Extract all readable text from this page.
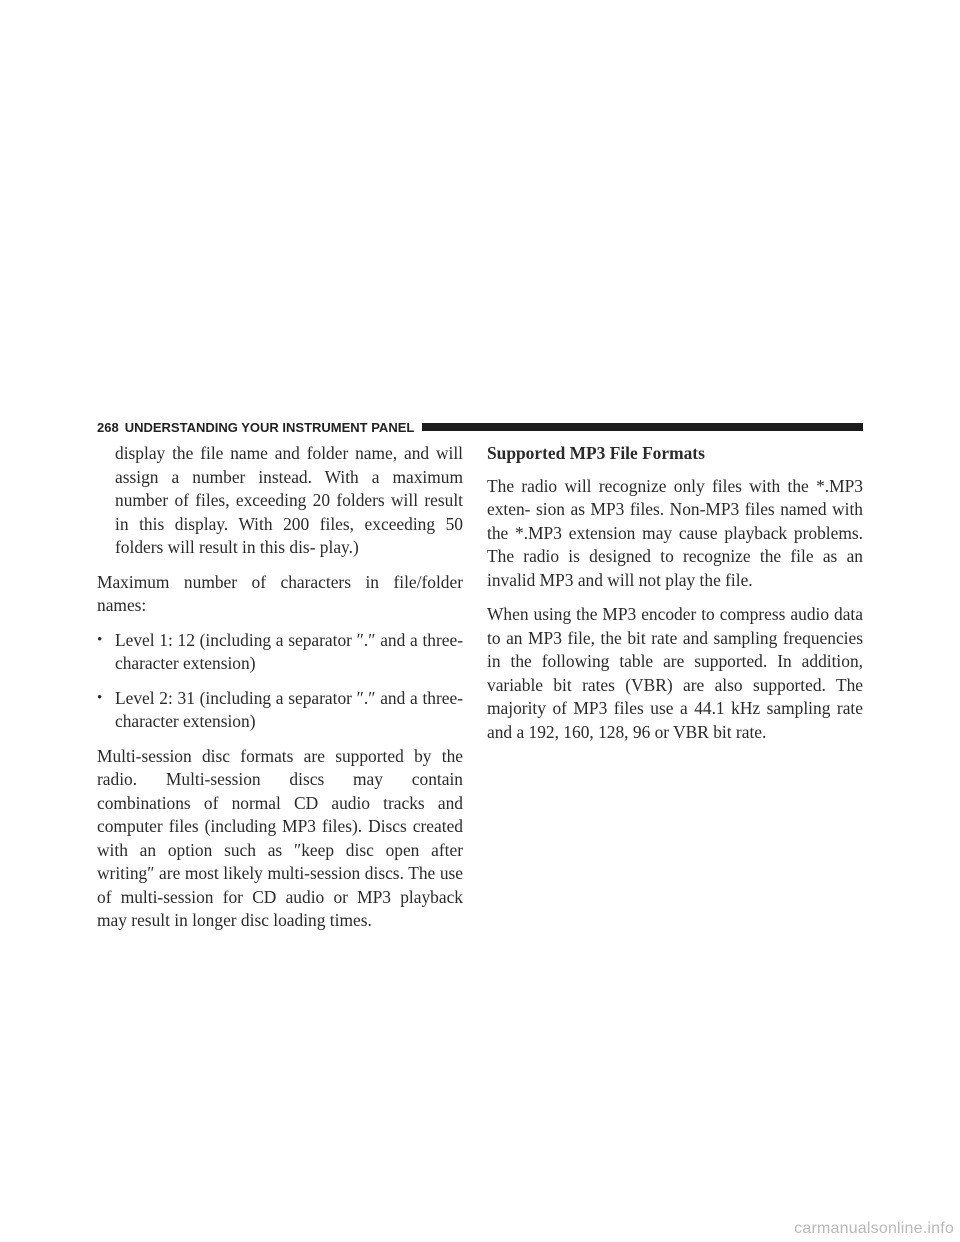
268 UNDERSTANDING YOUR INSTRUMENT PANEL

display the file name and folder name, and will assign a number instead. With a maximum number of files, exceeding 20 folders will result in this display. With 200 files, exceeding 50 folders will result in this dis- play.)

Maximum number of characters in file/folder names:

• Level 1: 12 (including a separator ″.″ and a three- character extension)
• Level 2: 31 (including a separator ″.″ and a three- character extension)

Multi-session disc formats are supported by the radio. Multi-session discs may contain combinations of normal CD audio tracks and computer files (including MP3 files). Discs created with an option such as ″keep disc open after writing″ are most likely multi-session discs. The use of multi-session for CD audio or MP3 playback may result in longer disc loading times.

Supported MP3 File Formats

The radio will recognize only files with the *.MP3 exten- sion as MP3 files. Non-MP3 files named with the *.MP3 extension may cause playback problems. The radio is designed to recognize the file as an invalid MP3 and will not play the file.

When using the MP3 encoder to compress audio data to an MP3 file, the bit rate and sampling frequencies in the following table are supported. In addition, variable bit rates (VBR) are also supported. The majority of MP3 files use a 44.1 kHz sampling rate and a 192, 160, 128, 96 or VBR bit rate.

carmanualsonline.info
